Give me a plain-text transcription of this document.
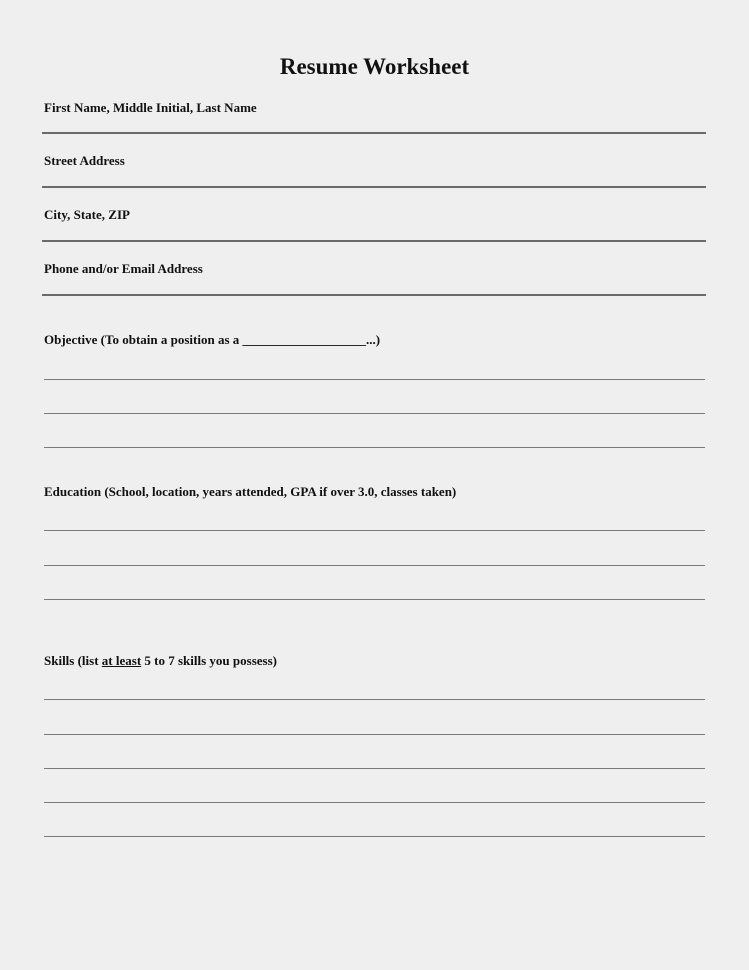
Resume Worksheet
First Name, Middle Initial, Last Name
Street Address
City, State, ZIP
Phone and/or Email Address
Objective (To obtain a position as a ___________________...)
Education (School, location, years attended, GPA if over 3.0, classes taken)
Skills (list at least 5 to 7 skills you possess)
